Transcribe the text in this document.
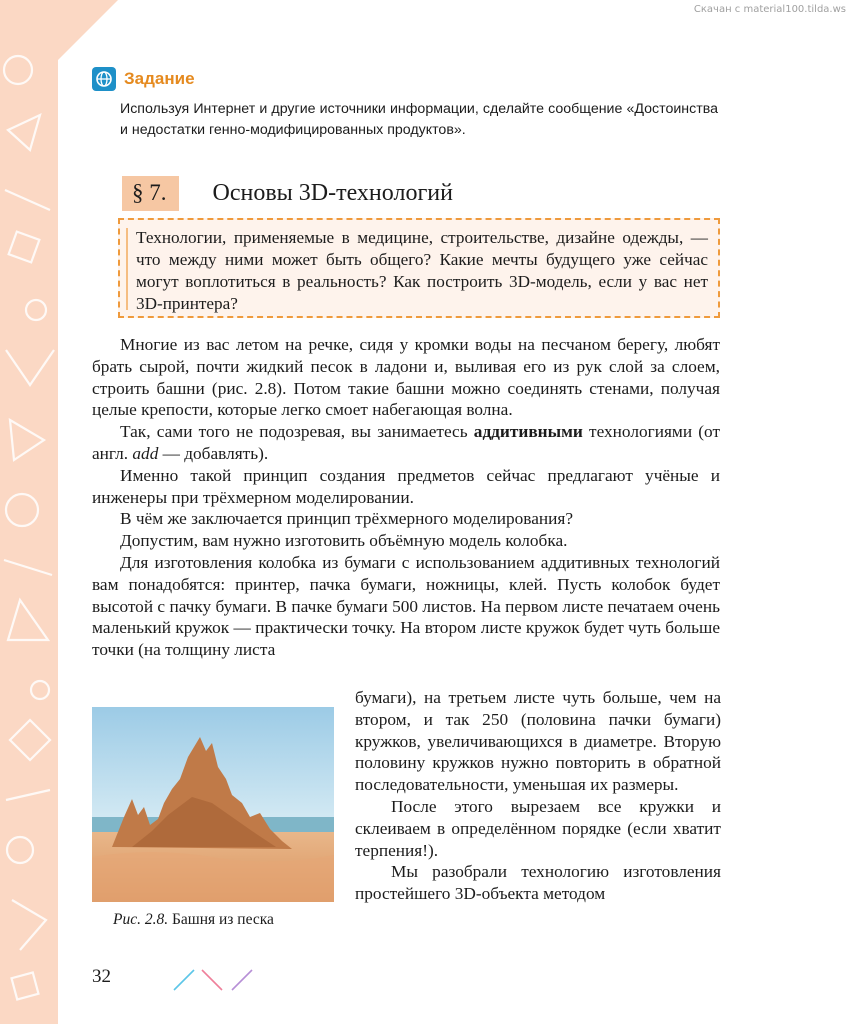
Скачан с material100.tilda.ws
Задание
Используя Интернет и другие источники информации, сделайте сообщение «Достоинства и недостатки генно-модифицированных продуктов».
§ 7.	Основы 3D-технологий
Технологии, применяемые в медицине, строительстве, дизайне одежды, — что между ними может быть общего? Какие мечты будущего уже сейчас могут воплотиться в реальность? Как построить 3D-модель, если у вас нет 3D-принтера?

Многие из вас летом на речке, сидя у кромки воды на песчаном берегу, любят брать сырой, почти жидкий песок в ладони и, выливая его из рук слой за слоем, строить башни (рис. 2.8). Потом такие башни можно соединять стенами, получая целые крепости, которые легко смоет набегающая волна.

Так, сами того не подозревая, вы занимаетесь аддитивными технологиями (от англ. add — добавлять).

Именно такой принцип создания предметов сейчас предлагают учёные и инженеры при трёхмерном моделировании.

В чём же заключается принцип трёхмерного моделирования?

Допустим, вам нужно изготовить объёмную модель колобка.

Для изготовления колобка из бумаги с использованием аддитивных технологий вам понадобятся: принтер, пачка бумаги, ножницы, клей. Пусть колобок будет высотой с пачку бумаги. В пачке бумаги 500 листов. На первом листе печатаем очень маленький кружок — практически точку. На втором листе кружок будет чуть больше точки (на толщину листа

бумаги), на третьем листе чуть больше, чем на втором, и так 250 (половина пачки бумаги) кружков, увеличивающихся в диаметре. Вторую половину кружков нужно повторить в обратной последовательности, уменьшая их размеры.

После этого вырезаем все кружки и склеиваем в определённом порядке (если хватит терпения!).

Мы разобрали технологию изготовления простейшего 3D-объекта методом

Рис. 2.8. Башня из песка
32
